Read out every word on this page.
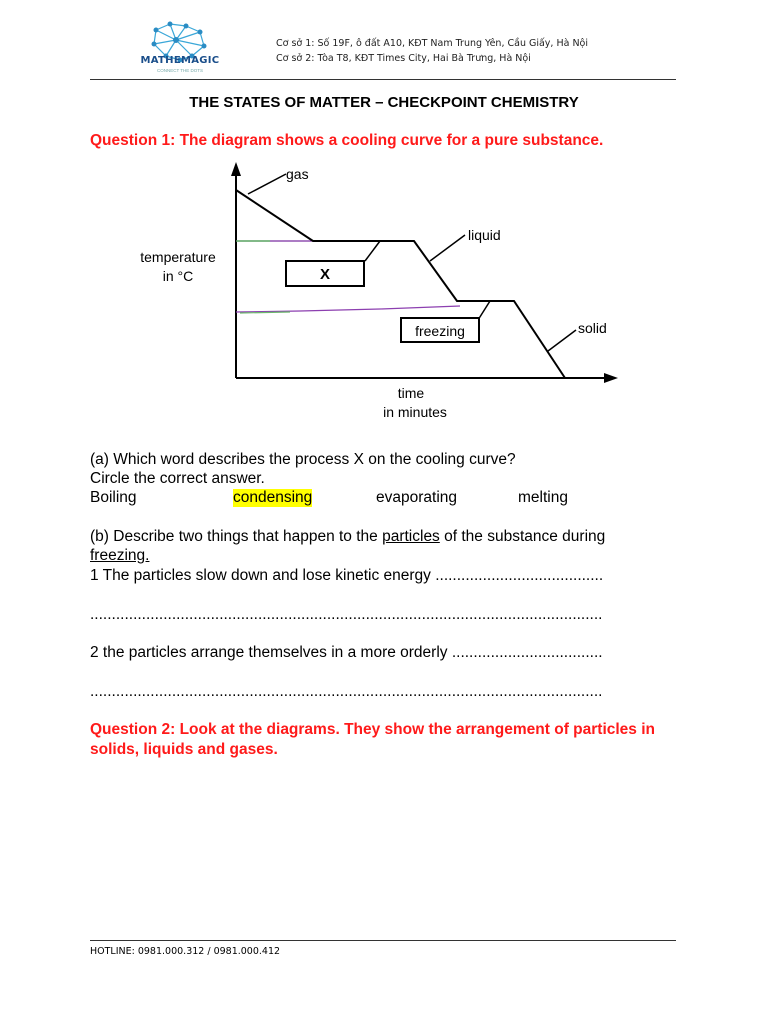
MATHEMAGIC
CONNECT THE DOTS
Cơ sở 1: Số 19F, ô đất A10, KĐT Nam Trung Yên, Cầu Giấy, Hà Nội
Cơ sở 2: Tòa T8, KĐT Times City, Hai Bà Trưng, Hà Nội
THE STATES OF MATTER – CHECKPOINT CHEMISTRY
Question 1: The diagram shows a cooling curve for a pure substance.
X
freezing
gas
liquid
solid
temperature
in °C
time
in minutes
(a) Which word describes the process X on the cooling curve?
Circle the correct answer.
Boiling	condensing	evaporating	melting
(b) Describe two things that happen to the particles of the substance during
freezing.
1 The particles slow down and lose kinetic energy .......................................
.......................................................................................................................
2 the particles arrange themselves in a more orderly ...................................
.......................................................................................................................
Question 2: Look at the diagrams. They show the arrangement of particles in solids, liquids and gases.
HOTLINE: 0981.000.312 / 0981.000.412
